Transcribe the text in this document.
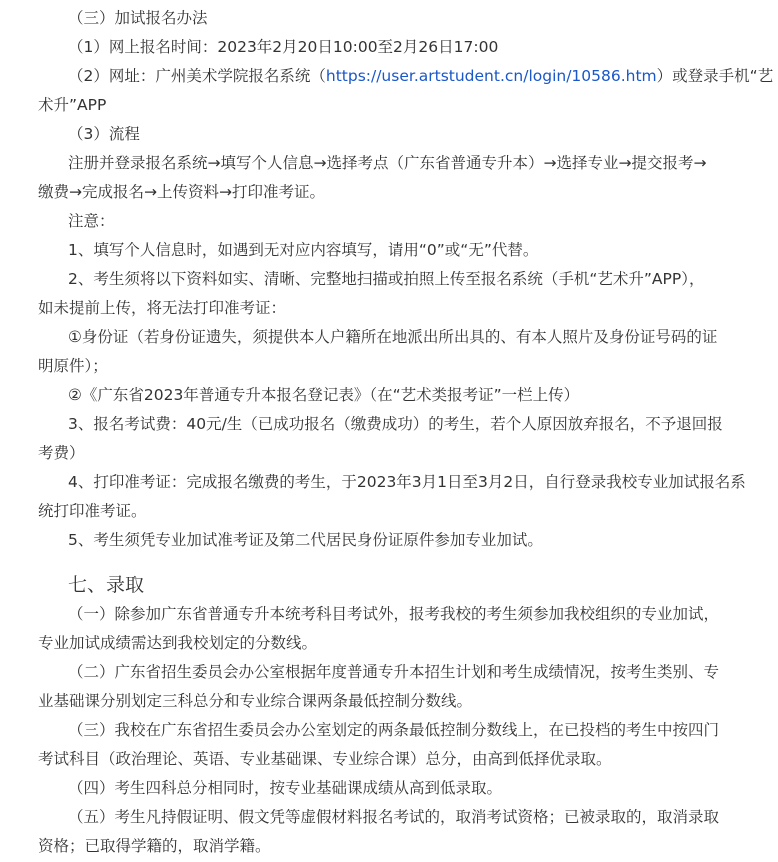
（三）加试报名办法
（1）网上报名时间：2023年2月20日10:00至2月26日17:00
（2）网址：广州美术学院报名系统（https://user.artstudent.cn/login/10586.htm）或登录手机“艺
术升”APP
（3）流程
注册并登录报名系统→填写个人信息→选择考点（广东省普通专升本）→选择专业→提交报考→
缴费→完成报名→上传资料→打印准考证。
注意：
1、填写个人信息时，如遇到无对应内容填写，请用“0”或“无”代替。
2、考生须将以下资料如实、清晰、完整地扫描或拍照上传至报名系统（手机“艺术升”APP），
如未提前上传，将无法打印准考证：
①身份证（若身份证遗失，须提供本人户籍所在地派出所出具的、有本人照片及身份证号码的证
明原件）；
②《广东省2023年普通专升本报名登记表》（在“艺术类报考证”一栏上传）
3、报名考试费：40元/生（已成功报名（缴费成功）的考生，若个人原因放弃报名，不予退回报
考费）
4、打印准考证：完成报名缴费的考生，于2023年3月1日至3月2日，自行登录我校专业加试报名系
统打印准考证。
5、考生须凭专业加试准考证及第二代居民身份证原件参加专业加试。
七、录取
（一）除参加广东省普通专升本统考科目考试外，报考我校的考生须参加我校组织的专业加试，
专业加试成绩需达到我校划定的分数线。
（二）广东省招生委员会办公室根据年度普通专升本招生计划和考生成绩情况，按考生类别、专
业基础课分别划定三科总分和专业综合课两条最低控制分数线。
（三）我校在广东省招生委员会办公室划定的两条最低控制分数线上，在已投档的考生中按四门
考试科目（政治理论、英语、专业基础课、专业综合课）总分，由高到低择优录取。
（四）考生四科总分相同时，按专业基础课成绩从高到低录取。
（五）考生凡持假证明、假文凭等虚假材料报名考试的，取消考试资格；已被录取的，取消录取
资格；已取得学籍的，取消学籍。
